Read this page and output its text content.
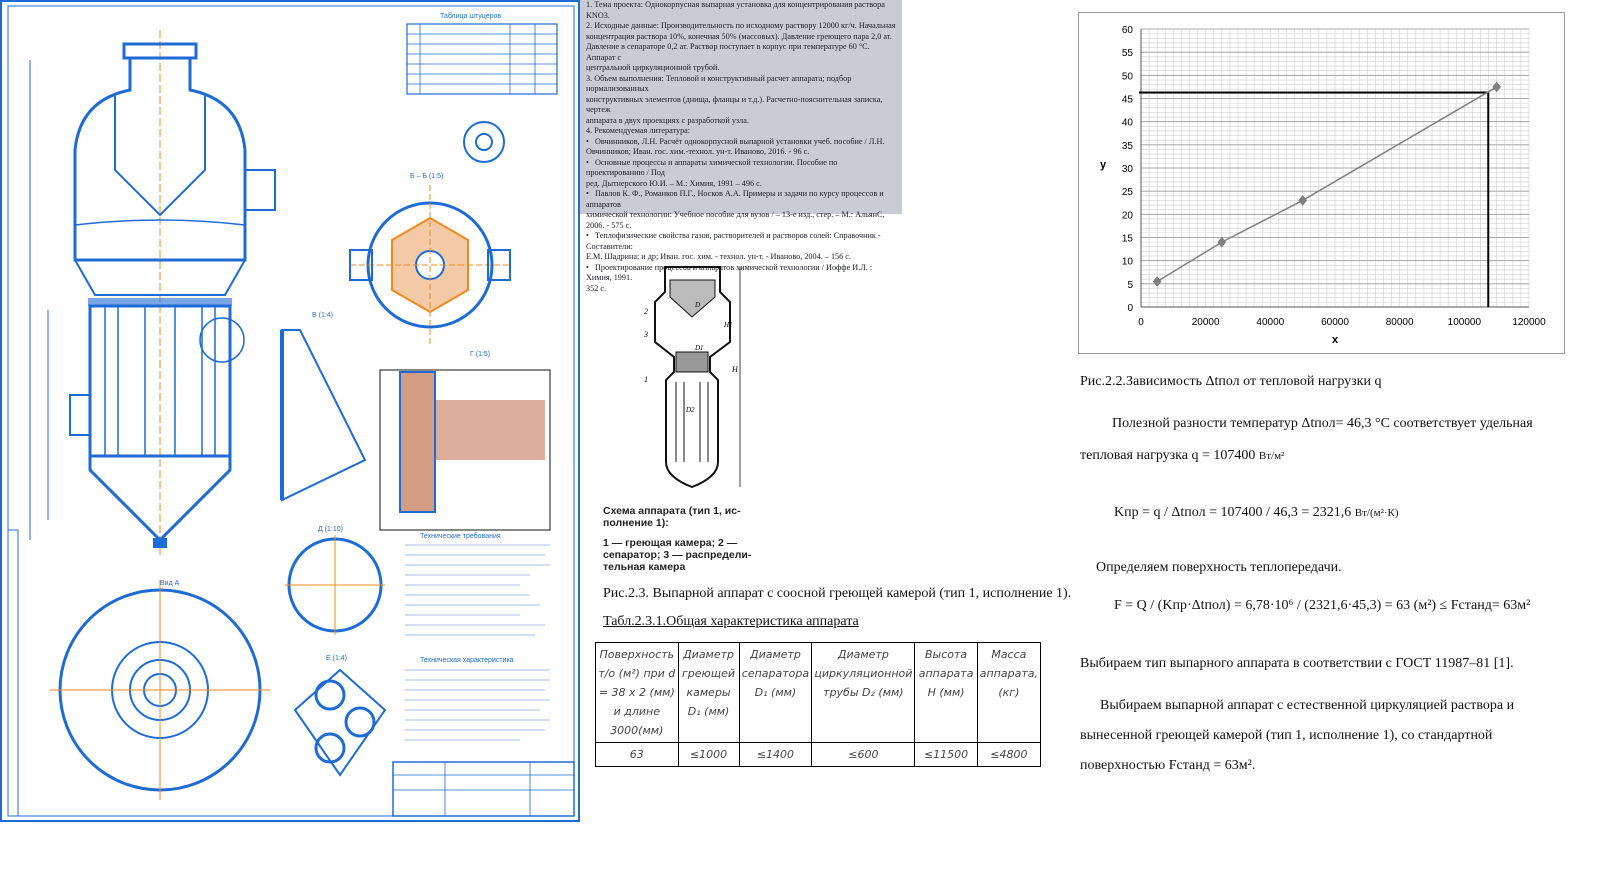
Таблица штуцеров
Технические требования
Техническая характеристика
Б – Б (1:5)
В (1:4)
Г (1:5)
Д (1:10)
Е (1:4)
Вид А
1. Тема проекта: Однокорпусная выпарная установка для концентрирования раствора KNO3.
2. Исходные данные: Производительность по исходному раствору 12000 кг/ч. Начальная
концентрация раствора 10%, конечная 50% (массовых). Давление греющего пара 2,0 ат.
Давление в сепараторе 0,2 ат. Раствор поступает в корпус при температуре 60 °С. Аппарат с
центральной циркуляционной трубой.
3. Объем выполнения: Тепловой и конструктивный расчет аппарата; подбор нормализованных
конструктивных элементов (днища, фланцы и т.д.). Расчетно-пояснительная записка, чертеж
аппарата в двух проекциях с разработкой узла.
4. Рекомендуемая литература:
•   Овчинников, Л.Н. Расчёт однокорпусной выпарной установки учеб. пособие / Л.Н.
Овчинников; Иван. гос. хим.-технол. ун-т. Иваново, 2016. - 96 с.
•   Основные процессы и аппараты химической технологии. Пособие по проектированию / Под
ред. Дытнерского Ю.И. – М.: Химия, 1991 – 496 с.
•   Павлов К. Ф., Романков П.Г., Носков А.А. Примеры и задачи по курсу процессов и аппаратов
химической технологии: Учебное пособие для вузов / – 13-е изд., стер. – М.: АльянС, 2006. - 575 с.
•   Теплофизические свойства газов, растворителей и растворов солей: Справочник - Составители:
Е.М. Шадрина; и др; Иван. гос. хим. - технол. ун-т. - Иваново, 2004. – 156 с.
•   Проектирование процессов и аппаратов химической технологии / Иоффе И.Л. : Химия, 1991.
352 с.
2
3
1
H
H1
D
D1
D2
Схема аппарата (тип 1, ис-
полнение 1):
1 — греющая камера; 2 —
сепаратор; 3 — распредели-
тельная камера
Рис.2.3. Выпарной аппарат с соосной греющей камерой (тип 1, исполнение 1).
Табл.2.3.1.Общая характеристика аппарата
Поверхность т/о (м²) при d = 38 х 2 (мм) и длине 3000(мм)	Диаметр греющей камеры D₁ (мм)	Диаметр сепаратора D₁ (мм)	Диаметр циркуляционной трубы D₂ (мм)	Высота аппарата H (мм)	Масса аппарата, (кг)
63	≤1000	≤1400	≤600	≤11500	≤4800
0
5
10
15
20
25
30
35
40
45
50
55
60
0	20000	40000	60000	80000	100000	120000
x
y
Рис.2.2.Зависимость Δtпол от тепловой нагрузки q
Полезной разности температур Δtпол= 46,3 °С соответствует удельная
тепловая нагрузка q = 107400 Вт/м²
Kпр = q / Δtпол = 107400 / 46,3 = 2321,6 Вт/(м²·К)
Определяем поверхность теплопередачи.
F = Q / (Kпр·Δtпол) = 6,78·10⁶ / (2321,6·45,3) = 63 (м²) ≤ Fстанд= 63м²
Выбираем тип выпарного аппарата в соответствии с ГОСТ 11987–81 [1].
Выбираем выпарной аппарат с естественной циркуляцией раствора и
вынесенной греющей камерой (тип 1, исполнение 1), со стандартной
поверхностью Fстанд = 63м².
